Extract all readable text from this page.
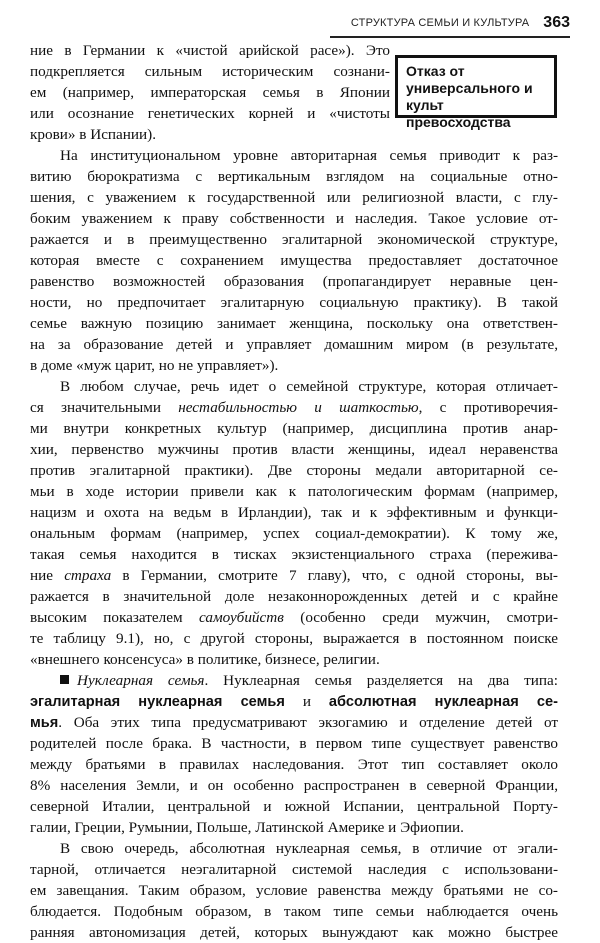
СТРУКТУРА СЕМЬИ И КУЛЬТУРА 363
Отказ от
универсального и
культ превосходства
ние в Германии к «чистой арийской расе»). Это
подкрепляется сильным историческим сознани-
ем (например, императорская семья в Японии
или осознание генетических корней и «чистоты
крови» в Испании).
На институциональном уровне авторитарная семья приводит к раз-
витию бюрократизма с вертикальным взглядом на социальные отно-
шения, с уважением к государственной или религиозной власти, с глу-
боким уважением к праву собственности и наследия. Такое условие от-
ражается и в преимущественно эгалитарной экономической структуре,
которая вместе с сохранением имущества предоставляет достаточное
равенство возможностей образования (пропагандирует неравные цен-
ности, но предпочитает эгалитарную социальную практику). В такой
семье важную позицию занимает женщина, поскольку она ответствен-
на за образование детей и управляет домашним миром (в результате,
в доме «муж царит, но не управляет»).
В любом случае, речь идет о семейной структуре, которая отличает-
ся значительными нестабильностью и шаткостью, с противоречия-
ми внутри конкретных культур (например, дисциплина против анар-
хии, первенство мужчины против власти женщины, идеал неравенства
против эгалитарной практики). Две стороны медали авторитарной се-
мьи в ходе истории привели как к патологическим формам (например,
нацизм и охота на ведьм в Ирландии), так и к эффективным и функци-
ональным формам (например, успех социал-демократии). К тому же,
такая семья находится в тисках экзистенциального страха (пережива-
ние страха в Германии, смотрите 7 главу), что, с одной стороны, вы-
ражается в значительной доле незаконнорожденных детей и с крайне
высоким показателем самоубийств (особенно среди мужчин, смотри-
те таблицу 9.1), но, с другой стороны, выражается в постоянном поиске
«внешнего консенсуса» в политике, бизнесе, религии.
Нуклеарная семья. Нуклеарная семья разделяется на два типа:
эгалитарная нуклеарная семья и абсолютная нуклеарная се-
мья. Оба этих типа предусматривают экзогамию и отделение детей от
родителей после брака. В частности, в первом типе существует равенство
между братьями в правилах наследования. Этот тип составляет около
8% населения Земли, и он особенно распространен в северной Франции,
северной Италии, центральной и южной Испании, центральной Порту-
галии, Греции, Румынии, Польше, Латинской Америке и Эфиопии.
В свою очередь, абсолютная нуклеарная семья, в отличие от эгали-
тарной, отличается неэгалитарной системой наследия с использовани-
ем завещания. Таким образом, условие равенства между братьями не со-
блюдается. Подобным образом, в таком типе семьи наблюдается очень
ранняя автономизация детей, которых вынуждают как можно быстрее
